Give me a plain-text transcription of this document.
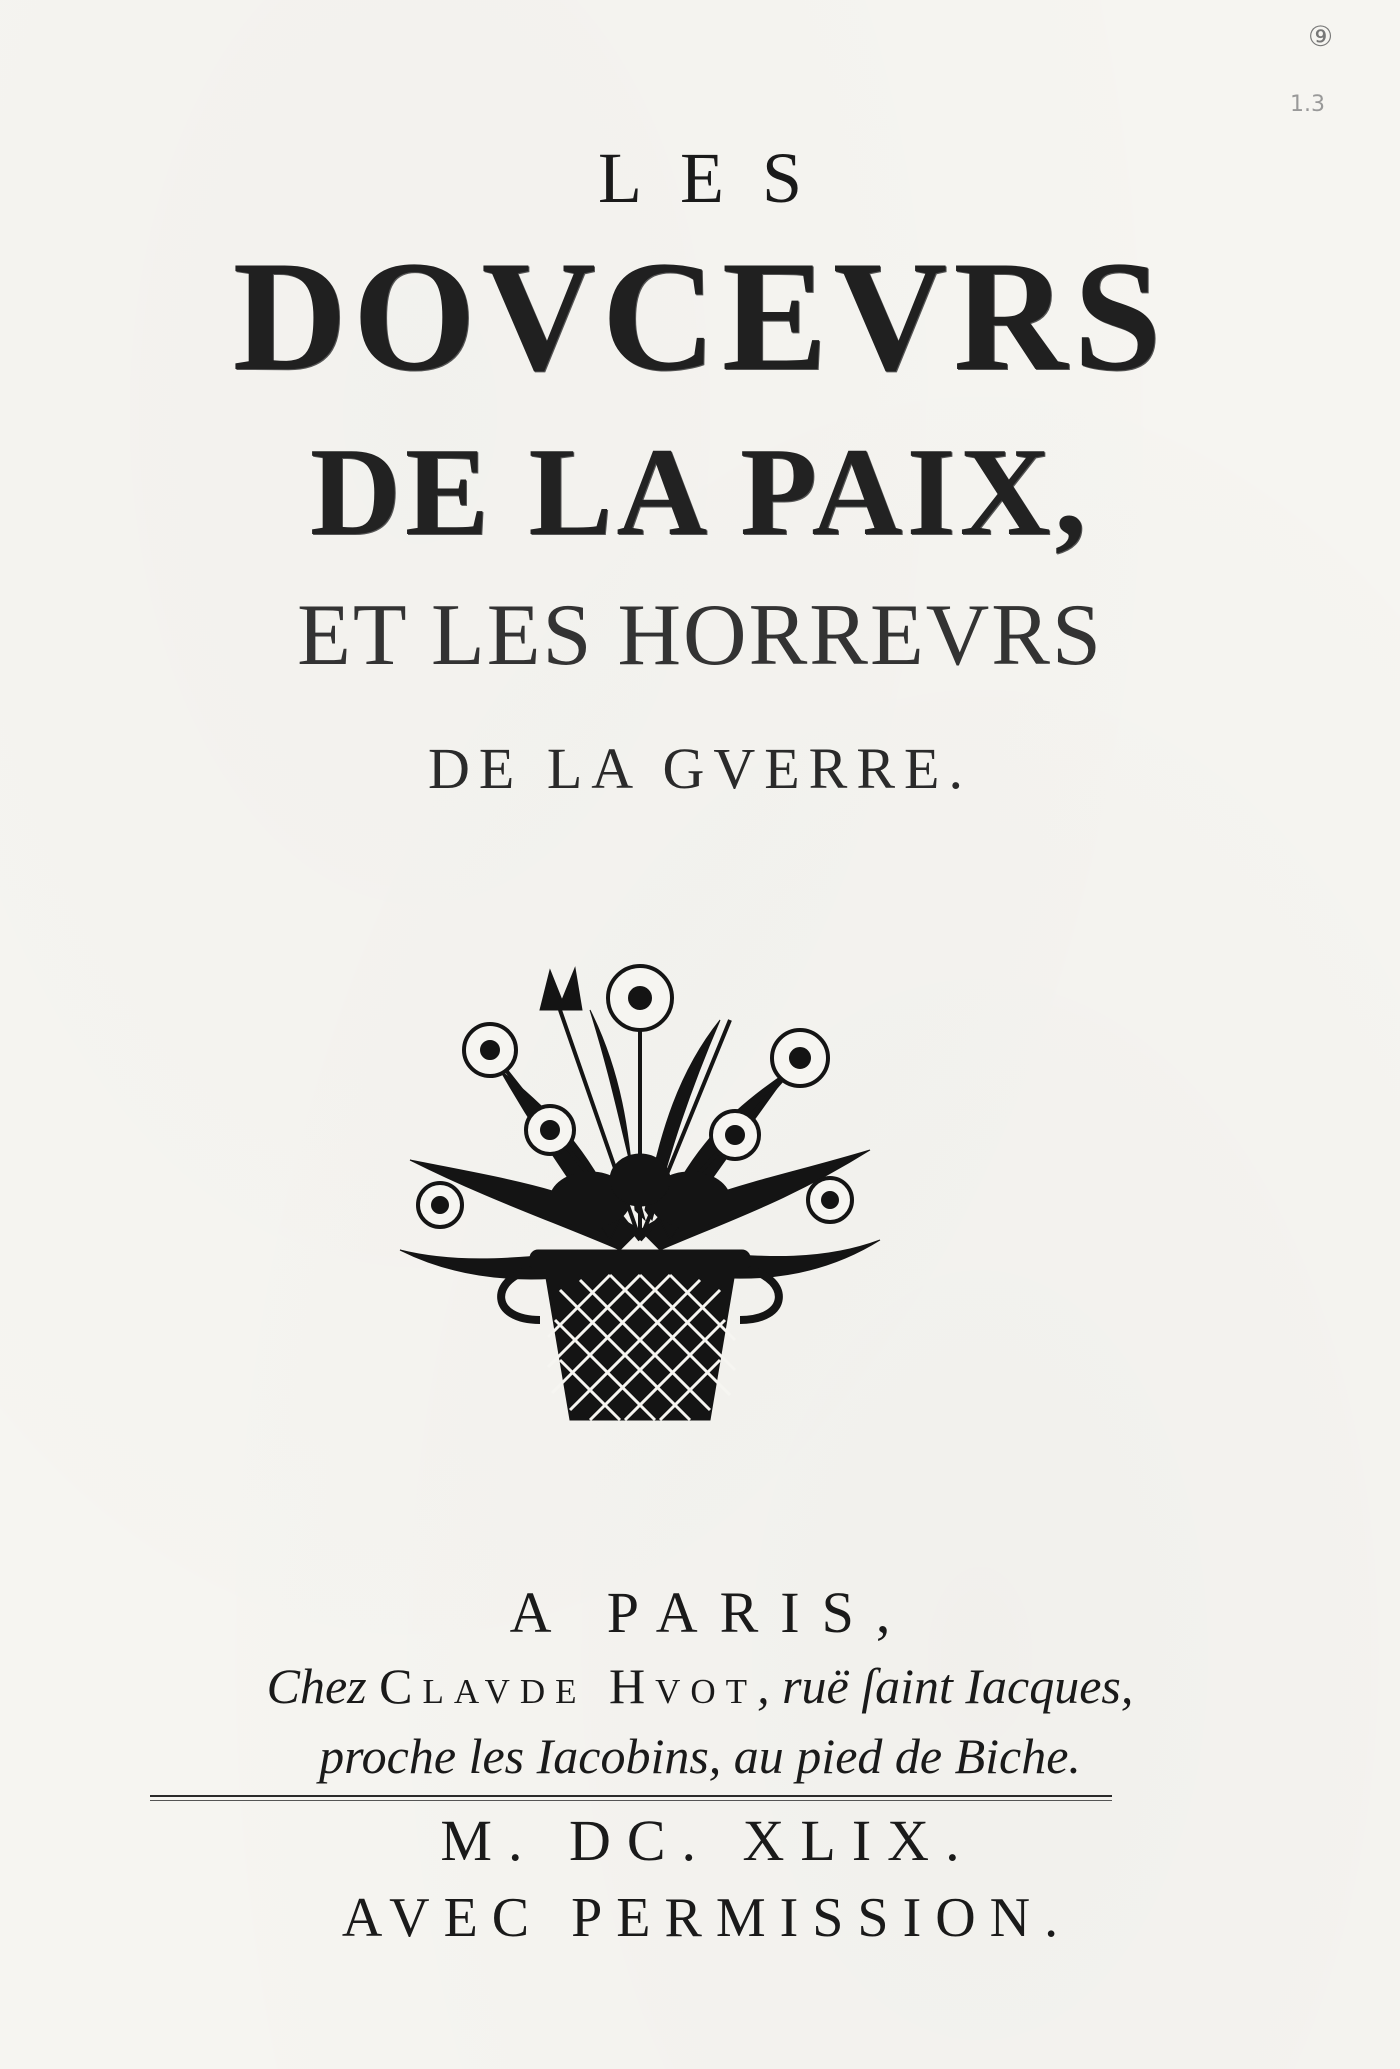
⑨
1.3
LES
DOVCEVRS
DE LA PAIX,
ET LES HORREVRS
DE LA GVERRE.
A PARIS,
Chez Clavde Hvot, ruë ſaint Iacques,
proche les Iacobins, au pied de Biche.
M. DC. XLIX.
AVEC PERMISSION.
